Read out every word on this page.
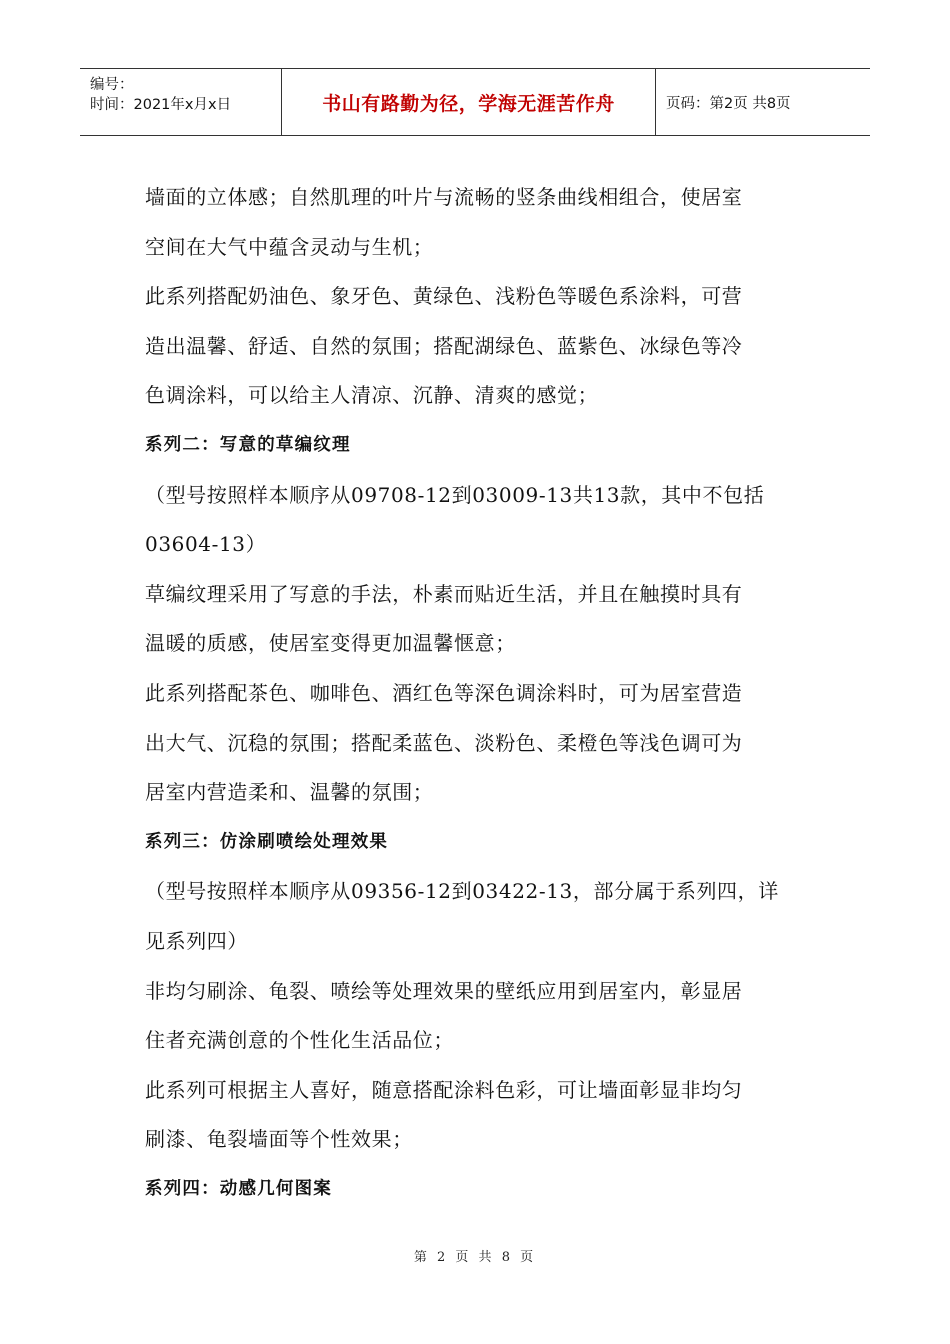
编号：
时间：2021年x月x日	书山有路勤为径，学海无涯苦作舟	页码：第2页 共8页
墙面的立体感；自然肌理的叶片与流畅的竖条曲线相组合，使居室
空间在大气中蕴含灵动与生机；
此系列搭配奶油色、象牙色、黄绿色、浅粉色等暖色系涂料，可营
造出温馨、舒适、自然的氛围；搭配湖绿色、蓝紫色、冰绿色等冷
色调涂料，可以给主人清凉、沉静、清爽的感觉；
系列二：写意的草编纹理
（型号按照样本顺序从09708-12到03009-13共13款，其中不包括
03604-13）
草编纹理采用了写意的手法，朴素而贴近生活，并且在触摸时具有
温暖的质感，使居室变得更加温馨惬意；
此系列搭配茶色、咖啡色、酒红色等深色调涂料时，可为居室营造
出大气、沉稳的氛围；搭配柔蓝色、淡粉色、柔橙色等浅色调可为
居室内营造柔和、温馨的氛围；
系列三：仿涂刷喷绘处理效果
（型号按照样本顺序从09356-12到03422-13，部分属于系列四，详
见系列四）
非均匀刷涂、龟裂、喷绘等处理效果的壁纸应用到居室内，彰显居
住者充满创意的个性化生活品位；
此系列可根据主人喜好，随意搭配涂料色彩，可让墙面彰显非均匀
刷漆、龟裂墙面等个性效果；
系列四：动感几何图案
第 2 页 共 8 页
